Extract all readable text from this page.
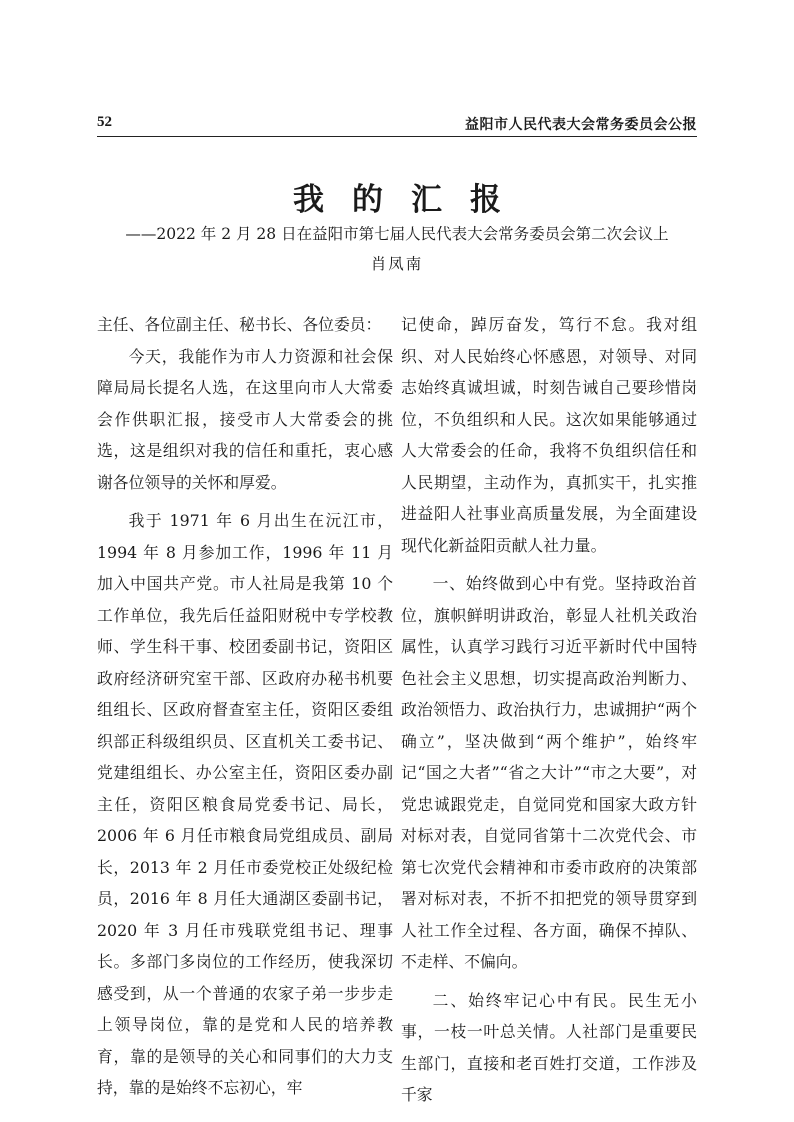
52	益阳市人民代表大会常务委员会公报
我的汇报
——2022 年 2 月 28 日在益阳市第七届人民代表大会常务委员会第二次会议上
肖凤南

主任、各位副主任、秘书长、各位委员：

今天，我能作为市人力资源和社会保障局局长提名人选，在这里向市人大常委会作供职汇报，接受市人大常委会的挑选，这是组织对我的信任和重托，衷心感谢各位领导的关怀和厚爱。

我于 1971 年 6 月出生在沅江市，1994 年 8 月参加工作，1996 年 11 月加入中国共产党。市人社局是我第 10 个工作单位，我先后任益阳财税中专学校教师、学生科干事、校团委副书记，资阳区政府经济研究室干部、区政府办秘书机要组组长、区政府督查室主任，资阳区委组织部正科级组织员、区直机关工委书记、党建组组长、办公室主任，资阳区委办副主任，资阳区粮食局党委书记、局长，2006 年 6 月任市粮食局党组成员、副局长，2013 年 2 月任市委党校正处级纪检员，2016 年 8 月任大通湖区委副书记，2020 年 3 月任市残联党组书记、理事长。多部门多岗位的工作经历，使我深切感受到，从一个普通的农家子弟一步步走上领导岗位，靠的是党和人民的培养教育，靠的是领导的关心和同事们的大力支持，靠的是始终不忘初心，牢

记使命，踔厉奋发，笃行不怠。我对组织、对人民始终心怀感恩，对领导、对同志始终真诚坦诚，时刻告诫自己要珍惜岗位，不负组织和人民。这次如果能够通过人大常委会的任命，我将不负组织信任和人民期望，主动作为，真抓实干，扎实推进益阳人社事业高质量发展，为全面建设现代化新益阳贡献人社力量。

一、始终做到心中有党。坚持政治首位，旗帜鲜明讲政治，彰显人社机关政治属性，认真学习践行习近平新时代中国特色社会主义思想，切实提高政治判断力、政治领悟力、政治执行力，忠诚拥护“两个确立”，坚决做到“两个维护”，始终牢记“国之大者”“省之大计”“市之大要”，对党忠诚跟党走，自觉同党和国家大政方针对标对表，自觉同省第十二次党代会、市第七次党代会精神和市委市政府的决策部署对标对表，不折不扣把党的领导贯穿到人社工作全过程、各方面，确保不掉队、不走样、不偏向。

二、始终牢记心中有民。民生无小事，一枝一叶总关情。人社部门是重要民生部门，直接和老百姓打交道，工作涉及千家
